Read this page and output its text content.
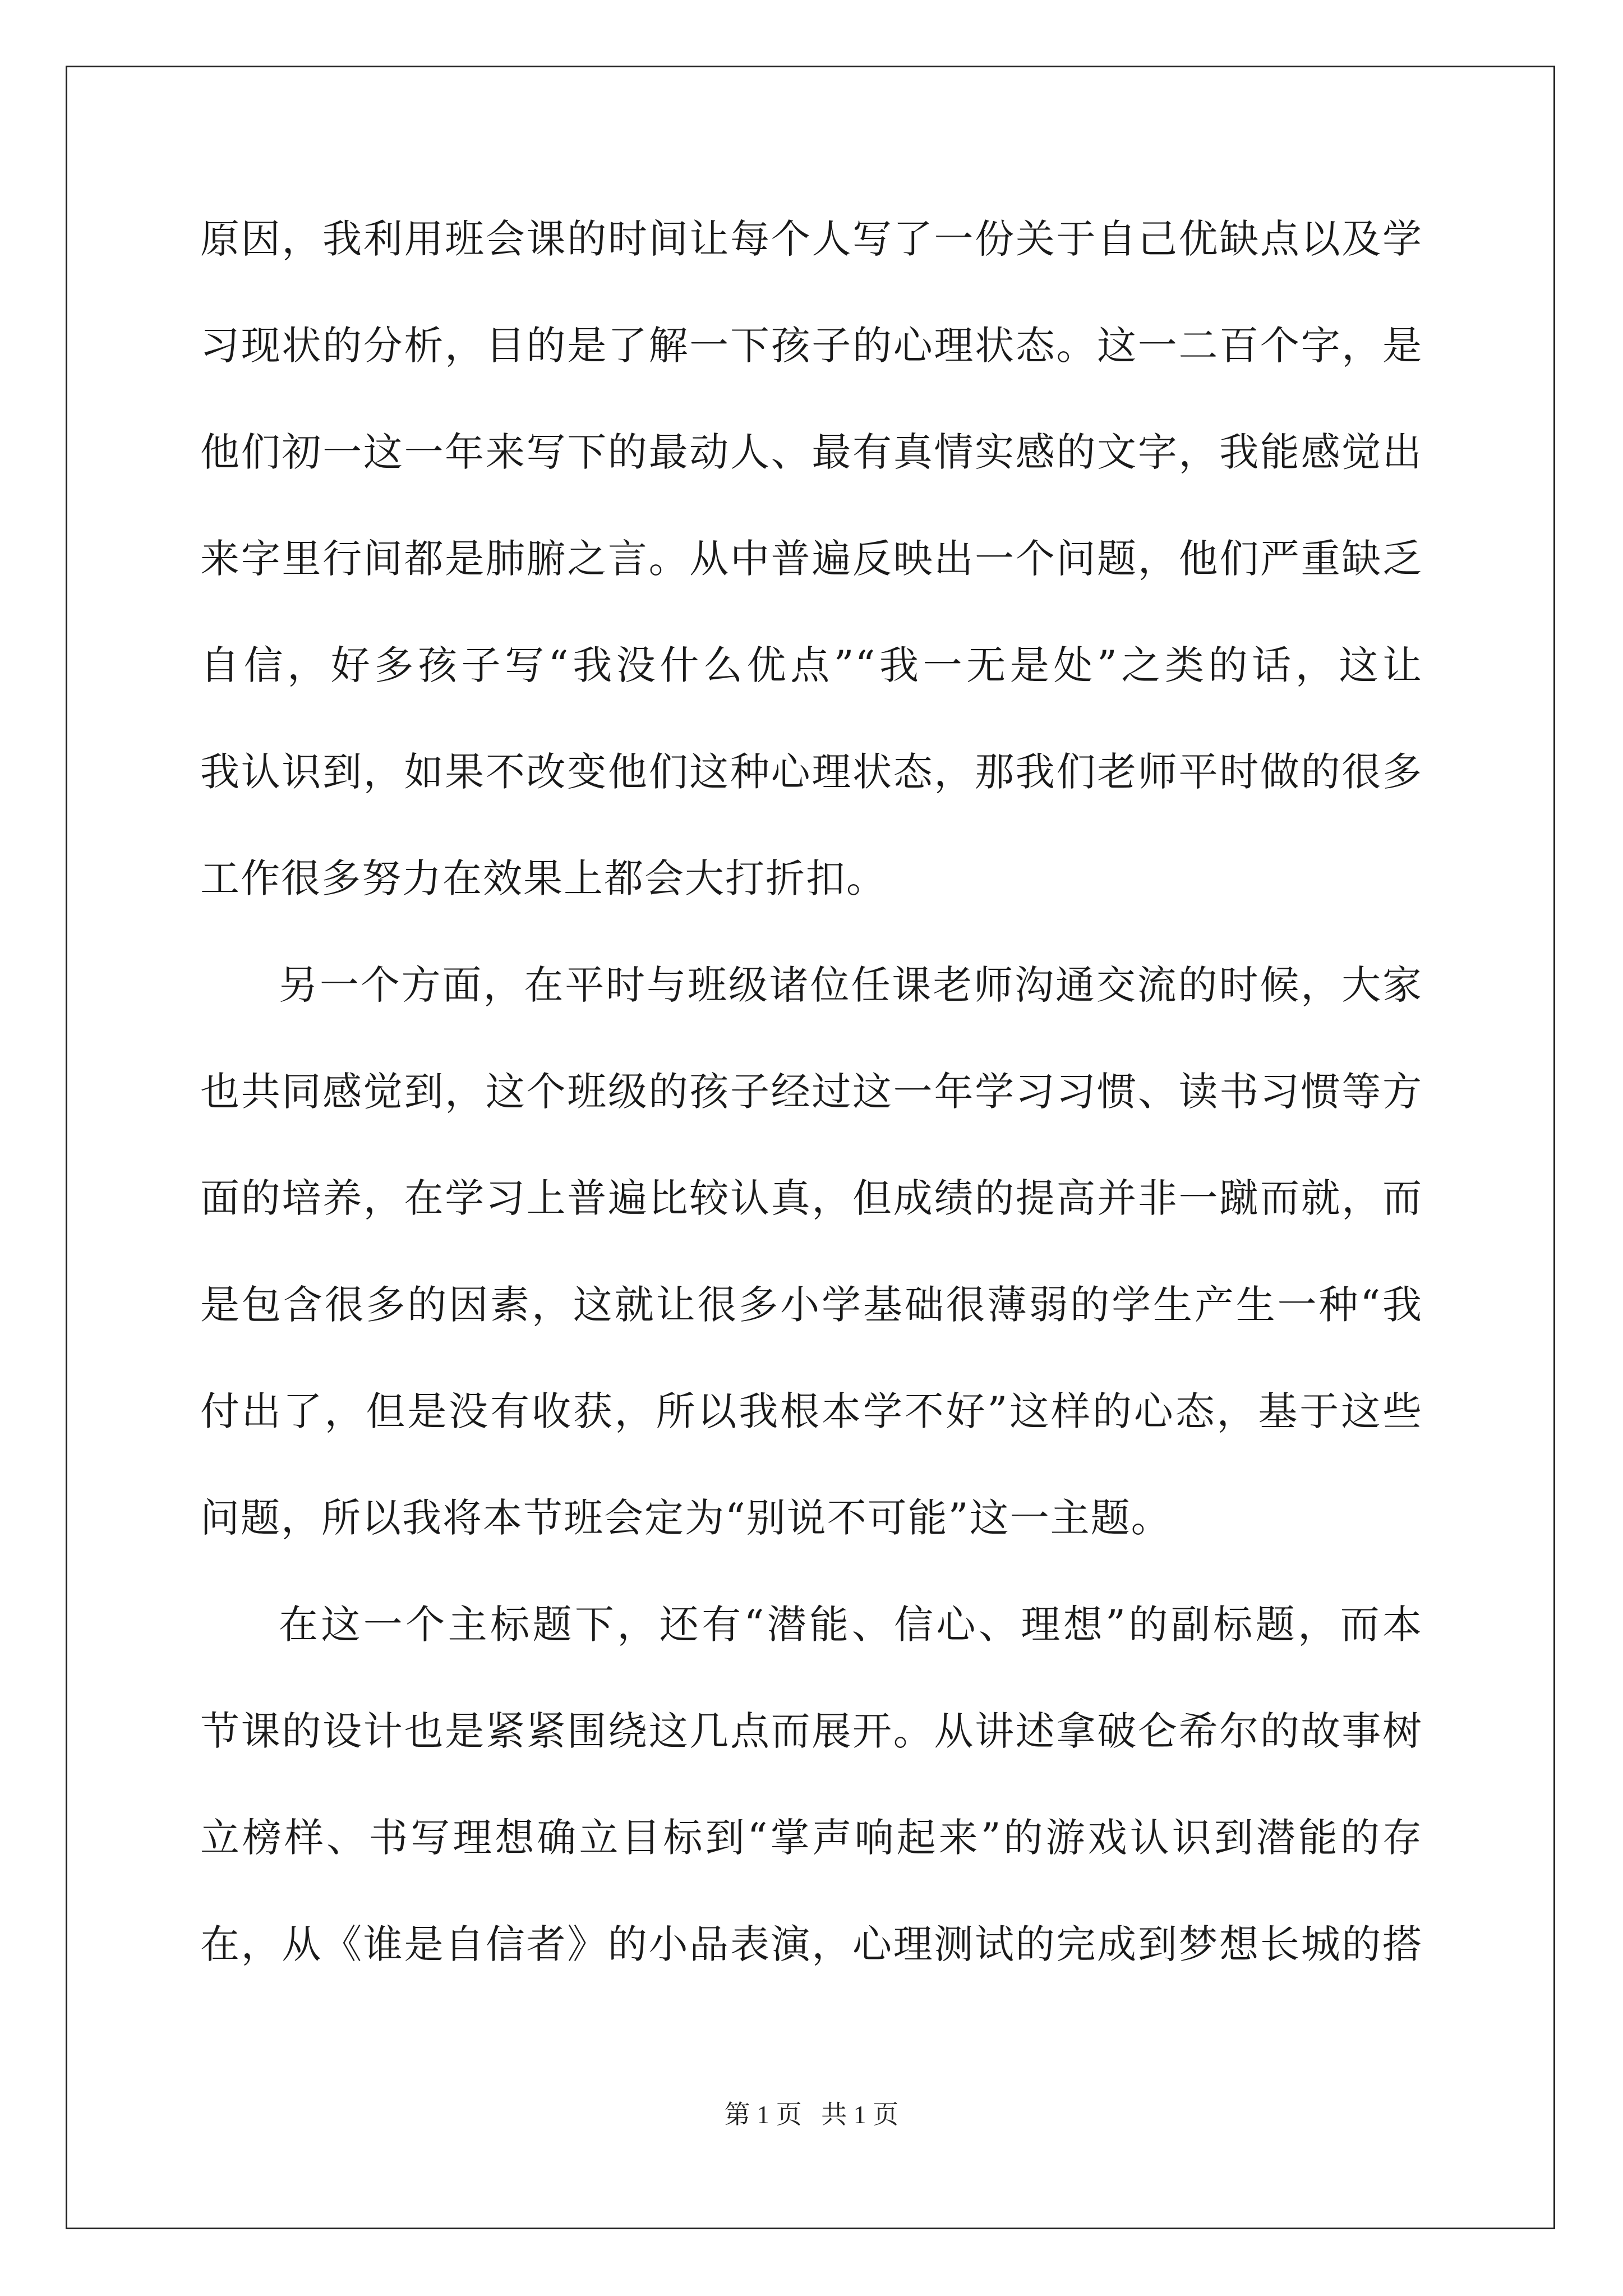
原因，我利用班会课的时间让每个人写了一份关于自己优缺点以及学
习现状的分析，目的是了解一下孩子的心理状态。这一二百个字，是
他们初一这一年来写下的最动人、最有真情实感的文字，我能感觉出
来字里行间都是肺腑之言。从中普遍反映出一个问题，他们严重缺乏
自信，好多孩子写“我没什么优点”“我一无是处”之类的话，这让
我认识到，如果不改变他们这种心理状态，那我们老师平时做的很多
工作很多努力在效果上都会大打折扣。
另一个方面，在平时与班级诸位任课老师沟通交流的时候，大家
也共同感觉到，这个班级的孩子经过这一年学习习惯、读书习惯等方
面的培养，在学习上普遍比较认真，但成绩的提高并非一蹴而就，而
是包含很多的因素，这就让很多小学基础很薄弱的学生产生一种“我
付出了，但是没有收获，所以我根本学不好”这样的心态，基于这些
问题，所以我将本节班会定为“别说不可能”这一主题。
在这一个主标题下，还有“潜能、信心、理想”的副标题，而本
节课的设计也是紧紧围绕这几点而展开。从讲述拿破仑希尔的故事树
立榜样、书写理想确立目标到“掌声响起来”的游戏认识到潜能的存
在，从《谁是自信者》的小品表演，心理测试的完成到梦想长城的搭
第 1 页   共 1 页
